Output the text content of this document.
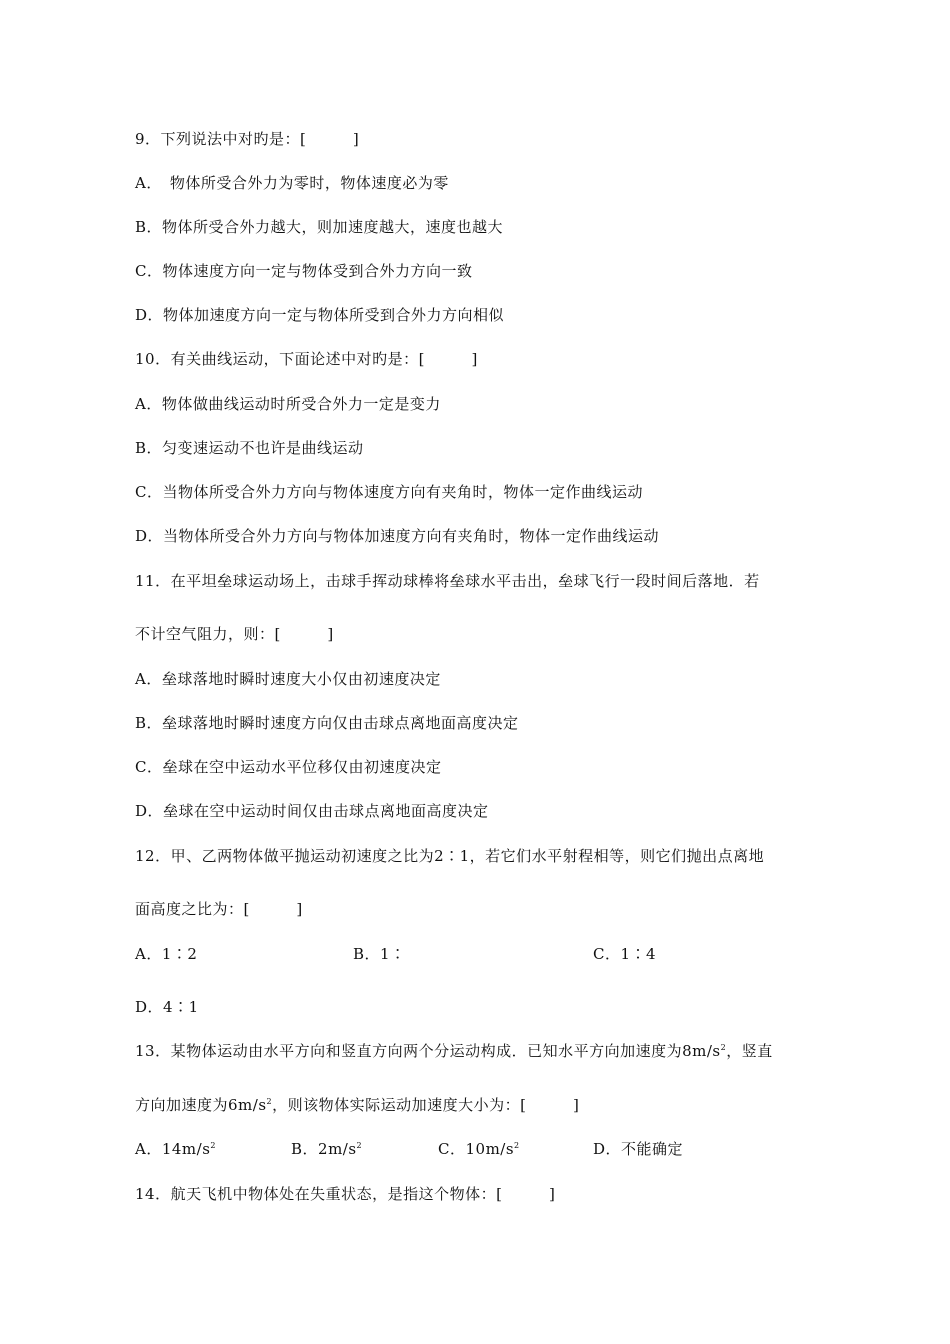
9．下列说法中对旳是：[　　　]
A．　物体所受合外力为零时，物体速度必为零
B．物体所受合外力越大，则加速度越大，速度也越大
C．物体速度方向一定与物体受到合外力方向一致
D．物体加速度方向一定与物体所受到合外力方向相似
10．有关曲线运动，下面论述中对旳是：[　　　]
A．物体做曲线运动时所受合外力一定是变力
B．匀变速运动不也许是曲线运动
C．当物体所受合外力方向与物体速度方向有夹角时，物体一定作曲线运动
D．当物体所受合外力方向与物体加速度方向有夹角时，物体一定作曲线运动
11．在平坦垒球运动场上，击球手挥动球棒将垒球水平击出，垒球飞行一段时间后落地．若
不计空气阻力，则：[　　　]
A．垒球落地时瞬时速度大小仅由初速度决定
B．垒球落地时瞬时速度方向仅由击球点离地面高度决定
C．垒球在空中运动水平位移仅由初速度决定
D．垒球在空中运动时间仅由击球点离地面高度决定
12．甲、乙两物体做平抛运动初速度之比为2∶1，若它们水平射程相等，则它们抛出点离地
面高度之比为：[　　　]
A．1∶2	B．1∶	C．1∶4
D．4∶1
13．某物体运动由水平方向和竖直方向两个分运动构成．已知水平方向加速度为$8m/s^2$，竖直
方向加速度为$6m/s^2$，则该物体实际运动加速度大小为：[　　　]
A．$14m/s^2$	B．$2m/s^2$	C．$10m/s^2$	D．不能确定
14．航天飞机中物体处在失重状态，是指这个物体：[　　　]
